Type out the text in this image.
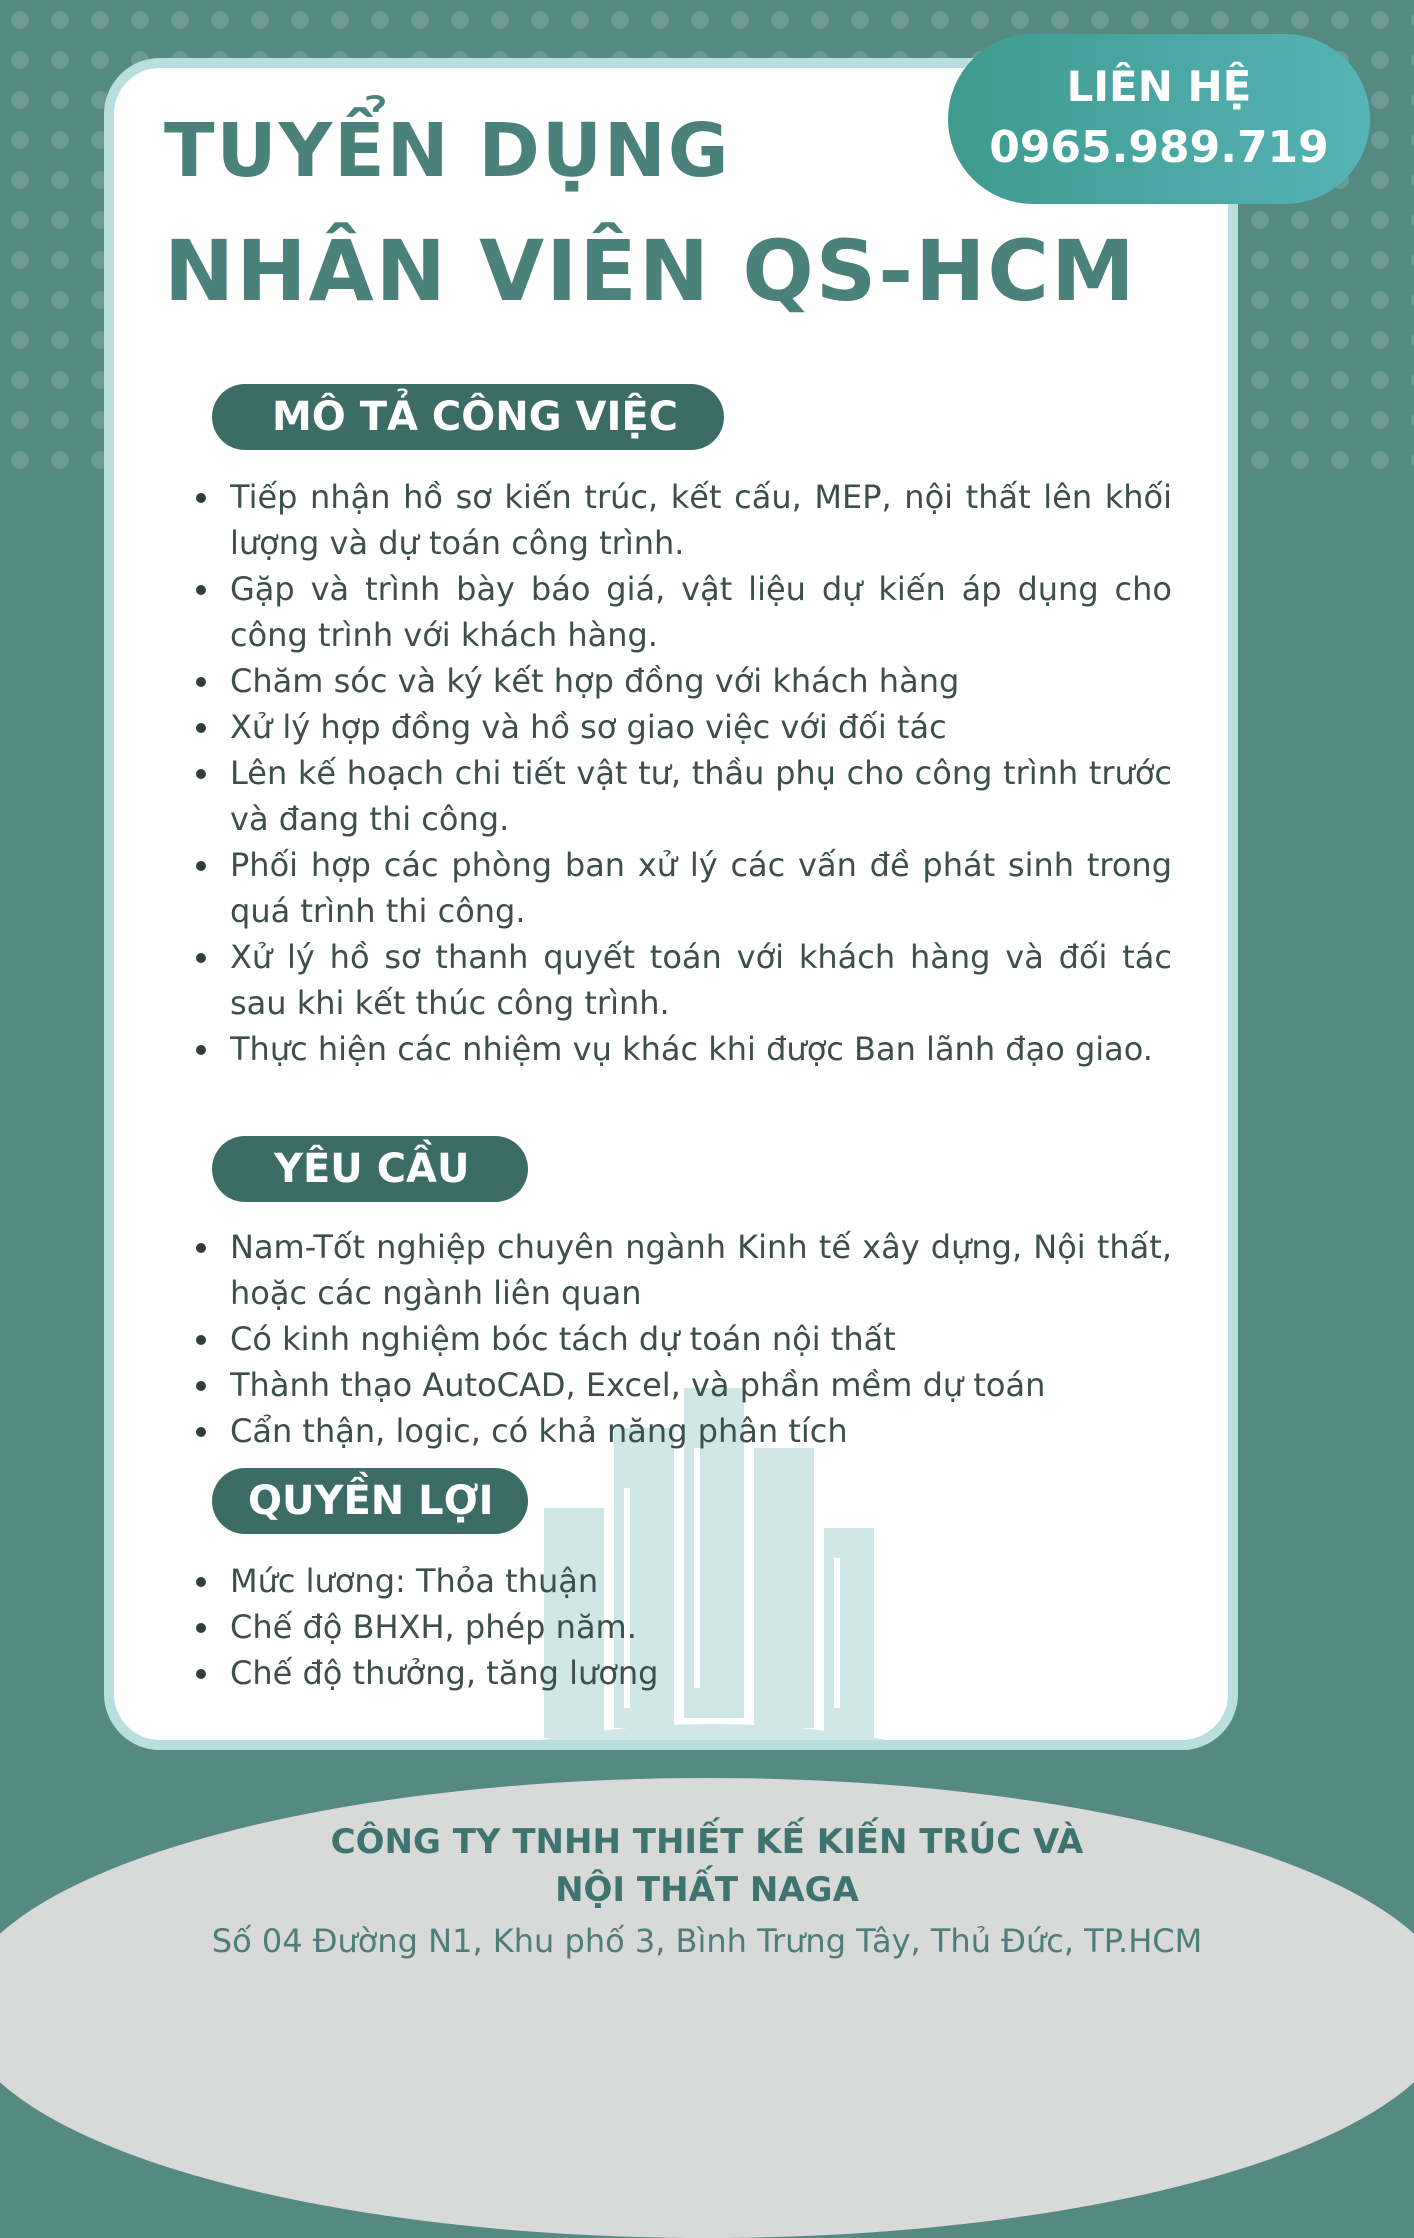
LIÊN HỆ
0965.989.719
TUYỂN DỤNG
NHÂN VIÊN QS-HCM
MÔ TẢ CÔNG VIỆC
Tiếp nhận hồ sơ kiến trúc, kết cấu, MEP, nội thất lên khối lượng và dự toán công trình.
Gặp và trình bày báo giá, vật liệu dự kiến áp dụng cho công trình với khách hàng.
Chăm sóc và ký kết hợp đồng với khách hàng
Xử lý hợp đồng và hồ sơ giao việc với đối tác
Lên kế hoạch chi tiết vật tư, thầu phụ cho công trình trước và đang thi công.
Phối hợp các phòng ban xử lý các vấn đề phát sinh trong quá trình thi công.
Xử lý hồ sơ thanh quyết toán với khách hàng và đối tác sau khi kết thúc công trình.
Thực hiện các nhiệm vụ khác khi được Ban lãnh đạo giao.
YÊU CẦU
Nam-Tốt nghiệp chuyên ngành Kinh tế xây dựng, Nội thất, hoặc các ngành liên quan
Có kinh nghiệm bóc tách dự toán nội thất
Thành thạo AutoCAD, Excel, và phần mềm dự toán
Cẩn thận, logic, có khả năng phân tích
QUYỀN LỢI
Mức lương: Thỏa thuận
Chế độ BHXH, phép năm.
Chế độ thưởng, tăng lương
CÔNG TY TNHH THIẾT KẾ KIẾN TRÚC VÀ
NỘI THẤT NAGA
Số 04 Đường N1, Khu phố 3, Bình Trưng Tây, Thủ Đức, TP.HCM
